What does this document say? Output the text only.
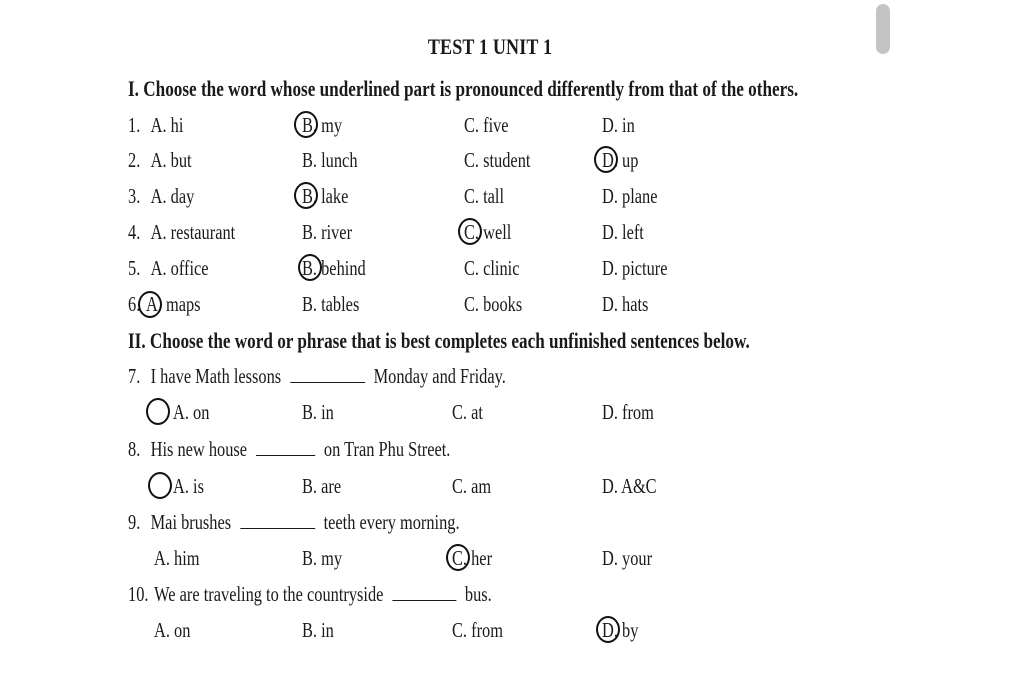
TEST 1 UNIT 1
I. Choose the word whose underlined part is pronounced differently from that of the others.
1. A. hi	B. my	C. five	D. in
2. A. but	B. lunch	C. student	D. up
3. A. day	B. lake	C. tall	D. plane
4. A. restaurant	B. river	C. well	D. left
5. A. office	B. behind	C. clinic	D. picture
6. A. maps	B. tables	C. books	D. hats
II. Choose the word or phrase that is best completes each unfinished sentences below.
7. I have Math lessons	Monday and Friday.
A. on	B. in	C. at	D. from
8. His new house	on Tran Phu Street.
A. is	B. are	C. am	D. A&C
9. Mai brushes	teeth every morning.
A. him	B. my	C. her	D. your
10. We are traveling to the countryside	bus.
A. on	B. in	C. from	D. by
